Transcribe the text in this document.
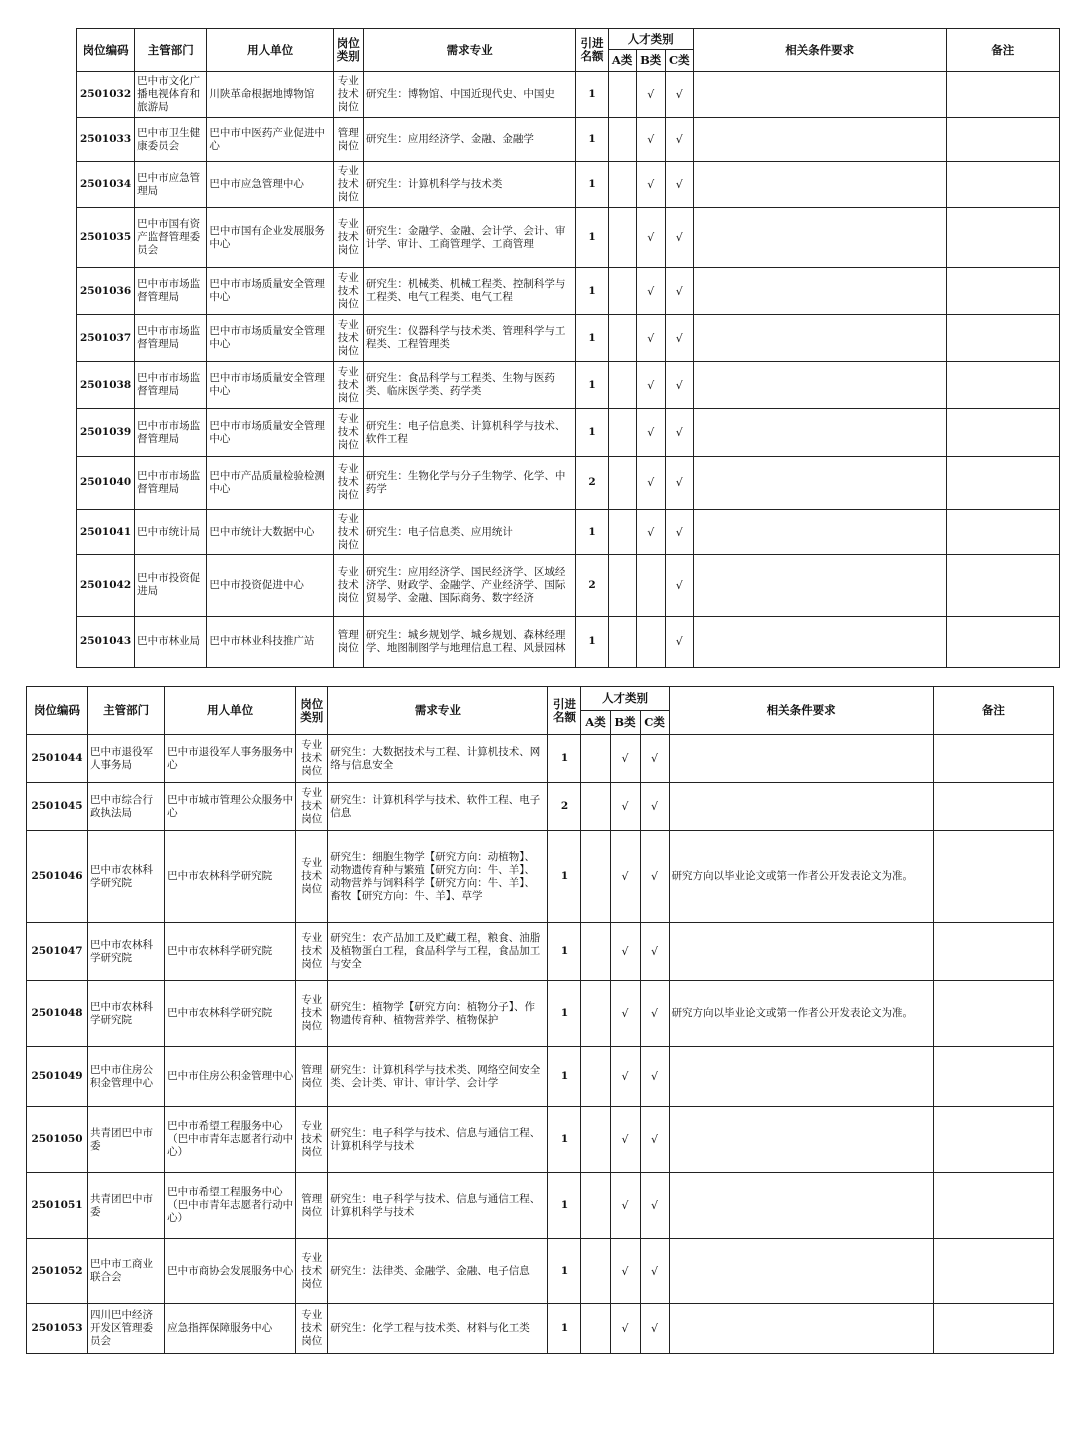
岗位编码	主管部门	用人单位	岗位类别	需求专业	引进名额	人才类别			相关条件要求	备注
						A类	B类	C类		
2501032	巴中市文化广播电视体育和旅游局	川陕革命根据地博物馆	专业技术岗位	研究生：博物馆、中国近现代史、中国史	1		√	√		
2501033	巴中市卫生健康委员会	巴中市中医药产业促进中心	管理岗位	研究生：应用经济学、金融、金融学	1		√	√		
2501034	巴中市应急管理局	巴中市应急管理中心	专业技术岗位	研究生：计算机科学与技术类	1		√	√		
2501035	巴中市国有资产监督管理委员会	巴中市国有企业发展服务中心	专业技术岗位	研究生：金融学、金融、会计学、会计、审计学、审计、工商管理学、工商管理	1		√	√		
2501036	巴中市市场监督管理局	巴中市市场质量安全管理中心	专业技术岗位	研究生：机械类、机械工程类、控制科学与工程类、电气工程类、电气工程	1		√	√		
2501037	巴中市市场监督管理局	巴中市市场质量安全管理中心	专业技术岗位	研究生：仪器科学与技术类、管理科学与工程类、工程管理类	1		√	√		
2501038	巴中市市场监督管理局	巴中市市场质量安全管理中心	专业技术岗位	研究生：食品科学与工程类、生物与医药类、临床医学类、药学类	1		√	√		
2501039	巴中市市场监督管理局	巴中市市场质量安全管理中心	专业技术岗位	研究生：电子信息类、计算机科学与技术、软件工程	1		√	√		
2501040	巴中市市场监督管理局	巴中市产品质量检验检测中心	专业技术岗位	研究生：生物化学与分子生物学、化学、中药学	2		√	√		
2501041	巴中市统计局	巴中市统计大数据中心	专业技术岗位	研究生：电子信息类、应用统计	1		√	√		
2501042	巴中市投资促进局	巴中市投资促进中心	专业技术岗位	研究生：应用经济学、国民经济学、区域经济学、财政学、金融学、产业经济学、国际贸易学、金融、国际商务、数字经济	2			√		
2501043	巴中市林业局	巴中市林业科技推广站	管理岗位	研究生：城乡规划学、城乡规划、森林经理学、地图制图学与地理信息工程、风景园林	1			√		
岗位编码	主管部门	用人单位	岗位类别	需求专业	引进名额	人才类别			相关条件要求	备注
						A类	B类	C类		
2501044	巴中市退役军人事务局	巴中市退役军人事务服务中心	专业技术岗位	研究生：大数据技术与工程、计算机技术、网络与信息安全	1		√	√		
2501045	巴中市综合行政执法局	巴中市城市管理公众服务中心	专业技术岗位	研究生：计算机科学与技术、软件工程、电子信息	2		√	√		
2501046	巴中市农林科学研究院	巴中市农林科学研究院	专业技术岗位	研究生：细胞生物学【研究方向：动植物】、动物遗传育种与繁殖【研究方向：牛、羊】、动物营养与饲料科学【研究方向：牛、羊】、畜牧【研究方向：牛、羊】、草学	1		√	√	研究方向以毕业论文或第一作者公开发表论文为准。	
2501047	巴中市农林科学研究院	巴中市农林科学研究院	专业技术岗位	研究生：农产品加工及贮藏工程，粮食、油脂及植物蛋白工程，食品科学与工程，食品加工与安全	1		√	√		
2501048	巴中市农林科学研究院	巴中市农林科学研究院	专业技术岗位	研究生：植物学【研究方向：植物分子】、作物遗传育种、植物营养学、植物保护	1		√	√	研究方向以毕业论文或第一作者公开发表论文为准。	
2501049	巴中市住房公积金管理中心	巴中市住房公积金管理中心	管理岗位	研究生：计算机科学与技术类、网络空间安全类、会计类、审计、审计学、会计学	1		√	√		
2501050	共青团巴中市委	巴中市希望工程服务中心（巴中市青年志愿者行动中心）	专业技术岗位	研究生：电子科学与技术、信息与通信工程、计算机科学与技术	1		√	√		
2501051	共青团巴中市委	巴中市希望工程服务中心（巴中市青年志愿者行动中心）	管理岗位	研究生：电子科学与技术、信息与通信工程、计算机科学与技术	1		√	√		
2501052	巴中市工商业联合会	巴中市商协会发展服务中心	专业技术岗位	研究生：法律类、金融学、金融、电子信息	1		√	√		
2501053	四川巴中经济开发区管理委员会	应急指挥保障服务中心	专业技术岗位	研究生：化学工程与技术类、材料与化工类	1		√	√		
